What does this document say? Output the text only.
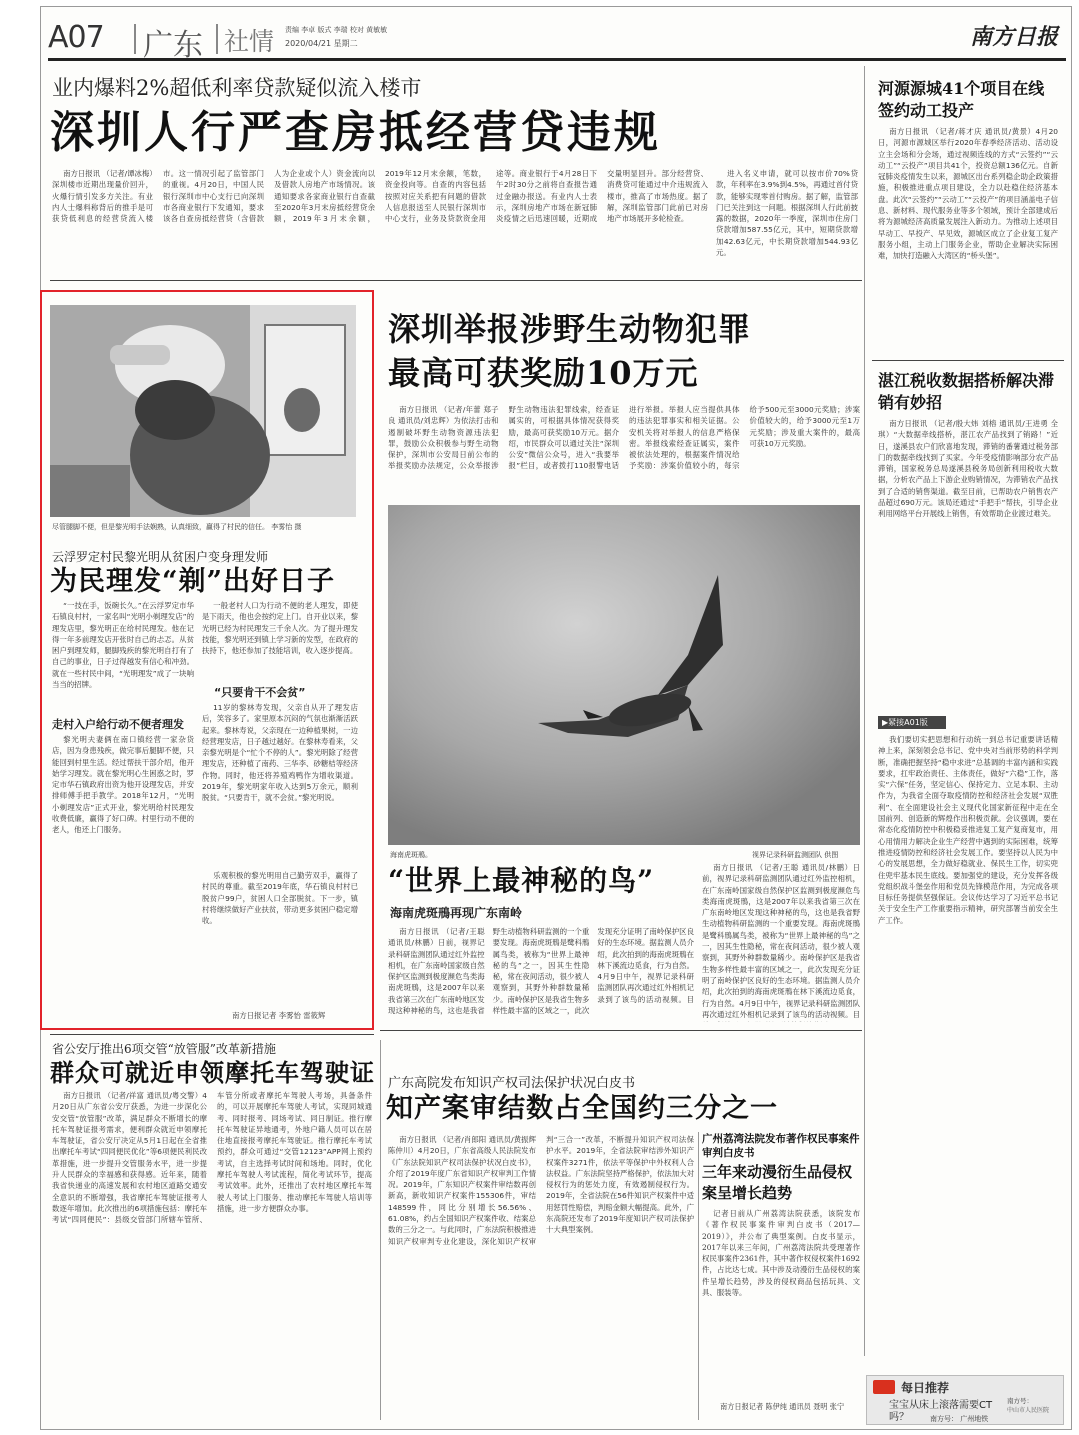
A07 广东 社情 责编 李卓 版式 李瑞 校对 黄敏敏
2020/04/21 星期二	南方日报
业内爆料2%超低利率贷款疑似流入楼市
深圳人行严查房抵经营贷违规

南方日报讯 （记者/谭冰梅）深圳楼市近期出现量价回升，火爆行情引发多方关注。有业内人士爆料称背后的推手是可获贷低利息的经营贷流入楼市。这一情况引起了监管部门的重视。4月20日，中国人民银行深圳市中心支行已向深圳市各商业银行下发通知，要求该各自查房抵经营贷（含借款人为企业或个人）资金流向以及借款人房地产市场情况。该通知要求各家商业银行自查截至2020年3月末房抵经营贷余额，2019年3月末余额，2019年12月末余额，笔数，资金投向等。自查的内容包括按照对应关系把有问题的借款人信息报送至人民银行深圳市中心支行，业务及贷款资金用途等。商业银行于4月28日下午2时30分之前将自查报告通过金融办报送。有业内人士表示，深圳房地产市场在新冠肺炎疫情之后迅速回暖，近期成交量明显回升。部分经营贷、消费贷可能通过中介违规流入楼市，推高了市场热度。据了解，深圳监管部门此前已对房地产市场展开多轮检查。

进入名义申请，就可以按市价70%贷款，年利率在3.9%到4.5%，再通过首付贷款，能够实现零首付购房。据了解，监管部门已关注到这一问题。根据深圳人行此前披露的数据，2020年一季度，深圳市住房门贷款增加587.55亿元，其中，短期贷款增加42.63亿元，中长期贷款增加544.93亿元。

尽管腿脚不便，但是黎光明手法娴熟，认真细致，赢得了村民的信任。 李雾怡 摄
云浮罗定村民黎光明从贫困户变身理发师
为民理发“剃”出好日子

“一技在手，饭碗长久。”在云浮罗定市华石镇良村村，一家名叫“光明小剃理发店”的理发店里，黎光明正在给村民理发。他在记得一年多前理发店开张时自己的忐忑。从贫困户到理发师，腿脚残疾的黎光明自打有了自己的事业，日子过得越发有信心和冲劲。就在一些村民中间，“光明理发”成了一块响当当的招牌。

走村入户给行动不便者理发

黎光明夫妻俩在南口镇经营一家杂货店，因为身患残疾，做完事后腿脚不便，只能回到村里生活。经过帮扶干部介绍，他开始学习理发。就在黎光明心生困惑之时，罗定市华石镇政府出资为他开设理发店，并安排师傅手把手教学。2018年12月，“光明小剃理发店”正式开业，黎光明给村民理发收费低廉，赢得了好口碑。村里行动不便的老人，他还上门服务。

一般老村人口为行动不便的老人理发，即使是下雨天，他也会按约定上门。自开业以来，黎光明已经为村民理发三千余人次。为了提升理发技能，黎光明还到镇上学习新的发型，在政府的扶持下，他还参加了技能培训，收入逐步提高。

“只要肯干不会贫”

11岁的黎林寿发现，父亲自从开了理发店后，笑容多了。家里原本沉闷的气氛也渐渐活跃起来。黎林寿说，父亲现在一边种植果树，一边经营理发店，日子越过越好。在黎林寿看来，父亲黎光明是个“忙个不停的人”。黎光明除了经营理发店，还种植了南药、三华李、砂糖桔等经济作物。同时，他还将养殖鸡鸭作为增收渠道。2019年，黎光明家年收入达到5万余元，顺利脱贫。“只要肯干，就不会贫。”黎光明说。

乐观积极的黎光明用自己勤劳双手，赢得了村民的尊重。截至2019年底，华石镇良村村已脱贫户99户，贫困人口全部脱贫。下一步，镇村将继续做好产业扶贫，带动更多贫困户稳定增收。

南方日报记者 李雾怡 雷筱辉
深圳举报涉野生动物犯罪
最高可获奖励10万元

南方日报讯 （记者/年蕾 郑子良 通讯员/刘忠辉）为依法打击和遏制破坏野生动物资源违法犯罪，鼓励公众积极参与野生动物保护，深圳市公安局日前公布的举报奖励办法规定，公众举报涉野生动物违法犯罪线索，经查证属实的，可根据具体情况获得奖励，最高可获奖励10万元。据介绍，市民群众可以通过关注“深圳公安”微信公众号，进入“我要举报”栏目，或者拨打110报警电话进行举报。举报人应当提供具体的违法犯罪事实和相关证据。公安机关将对举报人的信息严格保密。举报线索经查证属实，案件被依法处理的，根据案件情况给予奖励：涉案价值较小的，每宗给予500元至3000元奖励；涉案价值较大的，给予3000元至1万元奖励；涉及重大案件的，最高可获10万元奖励。

海南虎斑鳽。	视界记录科研监测团队 供图
“世界上最神秘的鸟”
海南虎斑鳽再现广东南岭

南方日报讯 （记者/王聪 通讯员/林鹏）日前，视界记录科研监测团队通过红外监控相机，在广东南岭国家级自然保护区监测到极度濒危鸟类海南虎斑鳽，这是2007年以来我省第三次在广东南岭地区发现这种神秘的鸟，这也是我省野生动植物科研监测的一个重要发现。海南虎斑鳽是鹭科鳽属鸟类，被称为“世界上最神秘的鸟”之一，因其生性隐秘，常在夜间活动，很少被人观察到，其野外种群数量稀少。南岭保护区是我省生物多样性最丰富的区域之一，此次发现充分证明了南岭保护区良好的生态环境。据监测人员介绍，此次拍到的海南虎斑鳽在林下溪流边觅食，行为自然。4月9日中午，视界记录科研监测团队再次通过红外相机记录到了该鸟的活动视频。目

南方日报讯 （记者/王聪 通讯员/林鹏）日前，视界记录科研监测团队通过红外监控相机，在广东南岭国家级自然保护区监测到极度濒危鸟类海南虎斑鳽，这是2007年以来我省第三次在广东南岭地区发现这种神秘的鸟，这也是我省野生动植物科研监测的一个重要发现。海南虎斑鳽是鹭科鳽属鸟类，被称为“世界上最神秘的鸟”之一，因其生性隐秘，常在夜间活动，很少被人观察到，其野外种群数量稀少。南岭保护区是我省生物多样性最丰富的区域之一，此次发现充分证明了南岭保护区良好的生态环境。据监测人员介绍，此次拍到的海南虎斑鳽在林下溪流边觅食，行为自然。4月9日中午，视界记录科研监测团队再次通过红外相机记录到了该鸟的活动视频。目

省公安厅推出6项交管“放管服”改革新措施
群众可就近申领摩托车驾驶证

南方日报讯 （记者/祥富 通讯员/粤交警）4月20日从广东省公安厅获悉，为进一步深化公安交管“放管服”改革，满足群众不断增长的摩托车驾驶证报考需求，便利群众就近申领摩托车驾驶证，省公安厅决定从5月1日起在全省推出摩托车考试“四同便民优化”等6项便民利民改革措施，进一步提升交管服务水平，进一步提升人民群众的幸福感和获得感。近年来，随着我省快递业的高速发展和农村地区道路交通安全意识的不断增强，我省摩托车驾驶证报考人数逐年增加。此次推出的6项措施包括：摩托车考试“四同便民”：县级交管部门所辖车管所、车管分所或者摩托车驾驶人考场，具备条件的，可以开展摩托车驾驶人考试，实现同城通考、同时报考、同场考试、同日制证。推行摩托车驾驶证异地通考，外地户籍人员可以在居住地直接报考摩托车驾驶证。推行摩托车考试预约，群众可通过“交管12123”APP网上预约考试，自主选择考试时间和场地。同时，优化摩托车驾驶人考试流程，简化考试环节，提高考试效率。此外，还推出了农村地区摩托车驾驶人考试上门服务、推动摩托车驾驶人培训等措施，进一步方便群众办事。

广东高院发布知识产权司法保护状况白皮书
知产案审结数占全国约三分之一

南方日报讯 （记者/肖郎阳 通讯员/黄振辉 陈仲川）4月20日，广东省高级人民法院发布《广东法院知识产权司法保护状况白皮书》，介绍了2019年度广东省知识产权审判工作情况。2019年，广东知识产权案件审结数再创新高，新收知识产权案件155306件，审结148599件，同比分别增长56.56%、61.08%，约占全国知识产权案件收、结案总数的三分之一。与此同时，广东法院积极推进知识产权审判专业化建设，深化知识产权审判“三合一”改革，不断提升知识产权司法保护水平。2019年，全省法院审结涉外知识产权案件3271件，依法平等保护中外权利人合法权益。广东法院坚持严格保护，依法加大对侵权行为的惩处力度，有效遏制侵权行为。2019年，全省法院在56件知识产权案件中适用惩罚性赔偿，判赔金额大幅提高。此外，广东高院还发布了2019年度知识产权司法保护十大典型案例。

广州荔湾法院发布著作权民事案件审判白皮书
三年来动漫衍生品侵权案呈增长趋势

记者日前从广州荔湾法院获悉，该院发布《著作权民事案件审判白皮书（2017—2019）》，并公布了典型案例。白皮书显示，2017年以来三年间，广州荔湾法院共受理著作权民事案件2361件，其中著作权侵权案件1692件，占比达七成。其中涉及动漫衍生品侵权的案件呈增长趋势，涉及的侵权商品包括玩具、文具、服装等。

南方日报记者 陈伊纯 通讯员 聂明 张宁
河源源城41个项目在线签约动工投产

南方日报讯 （记者/蒋才庆 通讯员/黄景）4月20日，河源市源城区举行2020年春季经济活动、活动设立主会场和分会场，通过视频连线的方式“云签约”“云动工”“云投产”项目共41个，投资总额136亿元。自新冠肺炎疫情发生以来，源城区出台系列稳企助企政策措施，积极推进重点项目建设，全力以赴稳住经济基本盘。此次“云签约”“云动工”“云投产”的项目涵盖电子信息、新材料、现代服务业等多个领域，预计全部建成后将为源城经济高质量发展注入新动力。为推动上述项目早动工、早投产、早见效，源城区成立了企业复工复产服务小组，主动上门服务企业，帮助企业解决实际困难，加快打造融入大湾区的“桥头堡”。

湛江税收数据搭桥解决滞销有妙招

南方日报讯 （记者/殷大炜 刘榕 通讯员/王进勇 全琪）“大数据牵线搭桥，湛江农产品找到了销路！”近日，遂溪县农户们欣喜地发现，滞销的番薯通过税务部门的数据牵线找到了买家。今年受疫情影响部分农产品滞销，国家税务总局遂溪县税务局创新利用税收大数据，分析农产品上下游企业购销情况，为滞销农产品找到了合适的销售渠道。截至目前，已帮助农户销售农产品超过690万元。该局还通过“手把手”帮扶，引导企业利用网络平台开展线上销售，有效帮助企业渡过难关。

▶紧接A01版

我们要切实把思想和行动统一到总书记重要讲话精神上来，深刻领会总书记、党中央对当前形势的科学判断，准确把握坚持“稳中求进”总基调的丰富内涵和实践要求，扛牢政治责任、主体责任，做好“六稳”工作，落实“六保”任务，坚定信心、保持定力、立足本职、主动作为，为我省全面夺取疫情防控和经济社会发展“双胜利”、在全面建设社会主义现代化国家新征程中走在全国前列、创造新的辉煌作出积极贡献。会议强调，要在常态化疫情防控中积极稳妥推进复工复产复商复市，用心用情用力解决企业生产经营中遇到的实际困难，统筹推进疫情防控和经济社会发展工作。要坚持以人民为中心的发展思想，全力做好稳就业、保民生工作，切实兜住兜牢基本民生底线。要加强党的建设，充分发挥各级党组织战斗堡垒作用和党员先锋模范作用，为完成各项目标任务提供坚强保证。会议传达学习了习近平总书记关于安全生产工作重要指示精神，研究部署当前安全生产工作。

每日推荐
宝宝从床上滚落需要CT吗？
南方号：
中山市人民医院
南方号： 广州地铁
